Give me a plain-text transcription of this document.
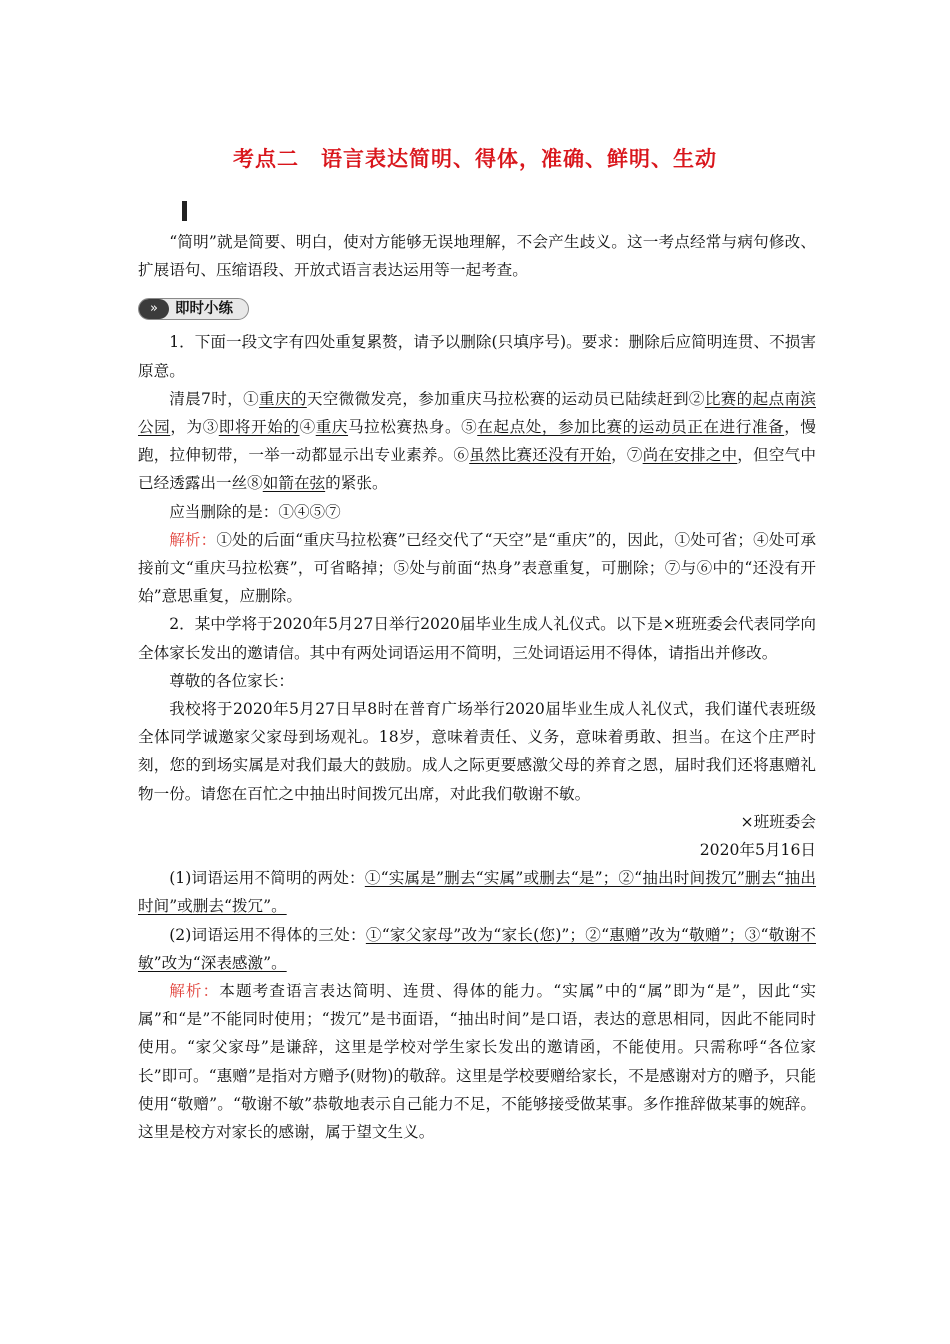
考点二　语言表达简明、得体，准确、鲜明、生动

“简明”就是简要、明白，使对方能够无误地理解，不会产生歧义。这一考点经常与病句修改、扩展语句、压缩语段、开放式语言表达运用等一起考查。

»	即时小练

1．下面一段文字有四处重复累赘，请予以删除(只填序号)。要求：删除后应简明连贯、不损害原意。

清晨7时，①重庆的天空微微发亮，参加重庆马拉松赛的运动员已陆续赶到②比赛的起点南滨公园，为③即将开始的④重庆马拉松赛热身。⑤在起点处，参加比赛的运动员正在进行准备，慢跑，拉伸韧带，一举一动都显示出专业素养。⑥虽然比赛还没有开始，⑦尚在安排之中，但空气中已经透露出一丝⑧如箭在弦的紧张。

应当删除的是：①④⑤⑦

解析：①处的后面“重庆马拉松赛”已经交代了“天空”是“重庆”的，因此，①处可省；④处可承接前文“重庆马拉松赛”，可省略掉；⑤处与前面“热身”表意重复，可删除；⑦与⑥中的“还没有开始”意思重复，应删除。

2．某中学将于2020年5月27日举行2020届毕业生成人礼仪式。以下是×班班委会代表同学向全体家长发出的邀请信。其中有两处词语运用不简明，三处词语运用不得体，请指出并修改。

尊敬的各位家长：

我校将于2020年5月27日早8时在普育广场举行2020届毕业生成人礼仪式，我们谨代表班级全体同学诚邀家父家母到场观礼。18岁，意味着责任、义务，意味着勇敢、担当。在这个庄严时刻，您的到场实属是对我们最大的鼓励。成人之际更要感激父母的养育之恩，届时我们还将惠赠礼物一份。请您在百忙之中抽出时间拨冗出席，对此我们敬谢不敏。

×班班委会

2020年5月16日

(1)词语运用不简明的两处：①“实属是”删去“实属”或删去“是”；②“抽出时间拨冗”删去“抽出时间”或删去“拨冗”。

(2)词语运用不得体的三处：①“家父家母”改为“家长(您)”；②“惠赠”改为“敬赠”；③“敬谢不敏”改为“深表感激”。

解析：本题考查语言表达简明、连贯、得体的能力。“实属”中的“属”即为“是”，因此“实属”和“是”不能同时使用；“拨冗”是书面语，“抽出时间”是口语，表达的意思相同，因此不能同时使用。“家父家母”是谦辞，这里是学校对学生家长发出的邀请函，不能使用。只需称呼“各位家长”即可。“惠赠”是指对方赠予(财物)的敬辞。这里是学校要赠给家长，不是感谢对方的赠予，只能使用“敬赠”。“敬谢不敏”恭敬地表示自己能力不足，不能够接受做某事。多作推辞做某事的婉辞。这里是校方对家长的感谢，属于望文生义。
